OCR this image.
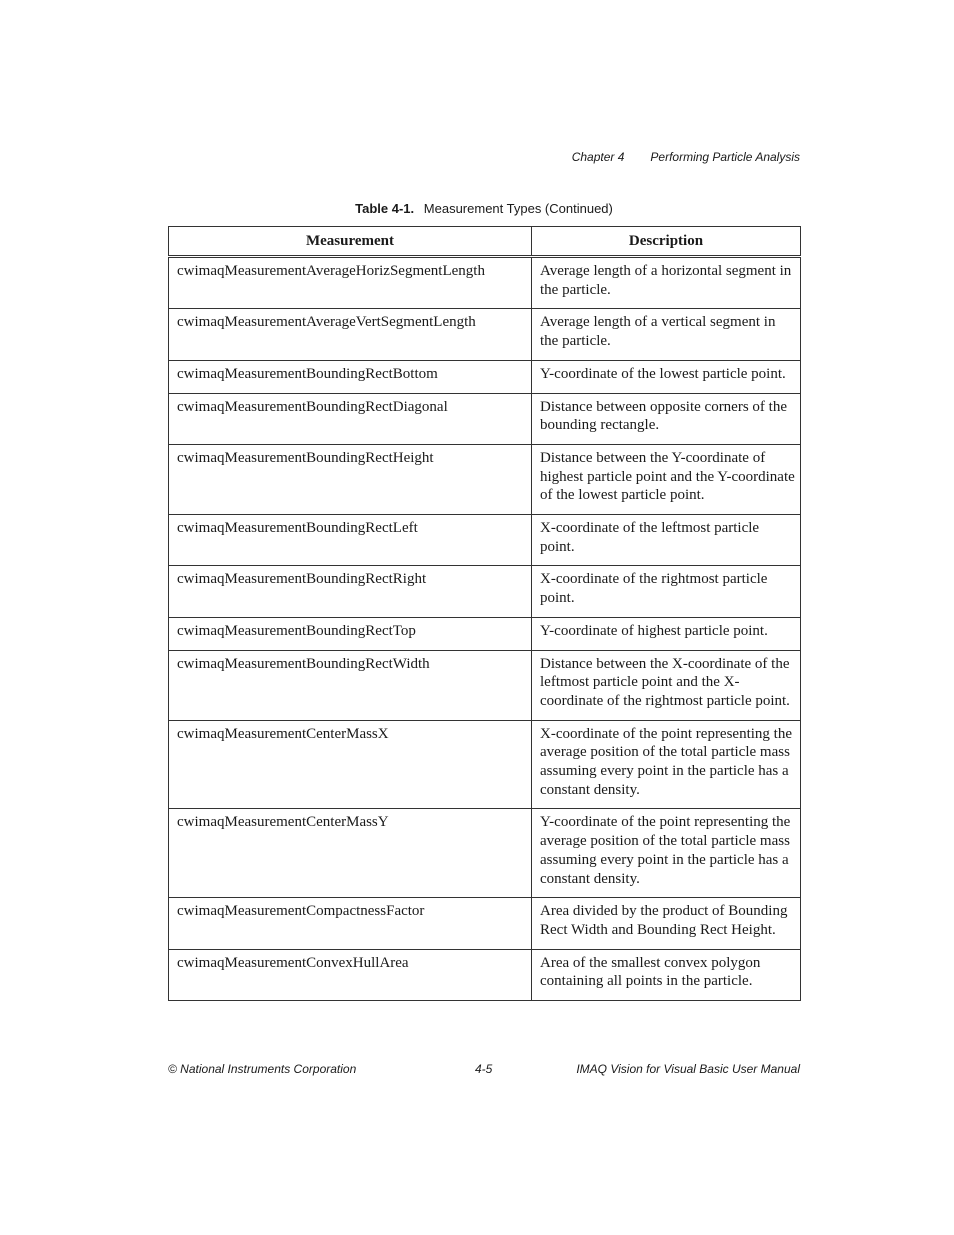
Chapter 4 Performing Particle Analysis
Table 4-1. Measurement Types (Continued)
Measurement	Description
cwimaqMeasurementAverageHorizSegmentLength	Average length of a horizontal segment in the particle.
cwimaqMeasurementAverageVertSegmentLength	Average length of a vertical segment in the particle.
cwimaqMeasurementBoundingRectBottom	Y-coordinate of the lowest particle point.
cwimaqMeasurementBoundingRectDiagonal	Distance between opposite corners of the bounding rectangle.
cwimaqMeasurementBoundingRectHeight	Distance between the Y-coordinate of highest particle point and the Y-coordinate of the lowest particle point.
cwimaqMeasurementBoundingRectLeft	X-coordinate of the leftmost particle point.
cwimaqMeasurementBoundingRectRight	X-coordinate of the rightmost particle point.
cwimaqMeasurementBoundingRectTop	Y-coordinate of highest particle point.
cwimaqMeasurementBoundingRectWidth	Distance between the X-coordinate of the leftmost particle point and the X-coordinate of the rightmost particle point.
cwimaqMeasurementCenterMassX	X-coordinate of the point representing the average position of the total particle mass assuming every point in the particle has a constant density.
cwimaqMeasurementCenterMassY	Y-coordinate of the point representing the average position of the total particle mass assuming every point in the particle has a constant density.
cwimaqMeasurementCompactnessFactor	Area divided by the product of Bounding Rect Width and Bounding Rect Height.
cwimaqMeasurementConvexHullArea	Area of the smallest convex polygon containing all points in the particle.
© National Instruments Corporation	4-5	IMAQ Vision for Visual Basic User Manual
